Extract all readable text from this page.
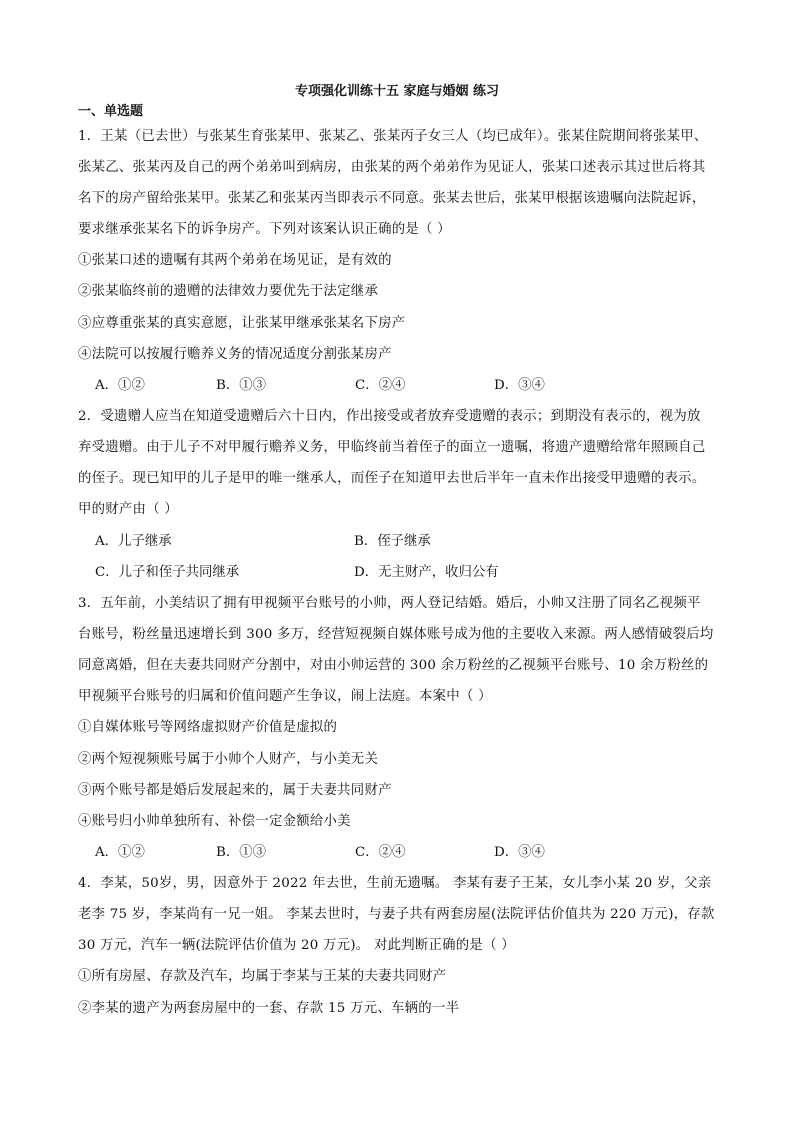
专项强化训练十五 家庭与婚姻 练习
一、单选题
1．王某（已去世）与张某生育张某甲、张某乙、张某丙子女三人（均已成年）。张某住院期间将张某甲、
张某乙、张某丙及自己的两个弟弟叫到病房，由张某的两个弟弟作为见证人，张某口述表示其过世后将其
名下的房产留给张某甲。张某乙和张某丙当即表示不同意。张某去世后，张某甲根据该遗嘱向法院起诉，
要求继承张某名下的诉争房产。下列对该案认识正确的是（ ）
①张某口述的遗嘱有其两个弟弟在场见证，是有效的
②张某临终前的遗赠的法律效力要优先于法定继承
③应尊重张某的真实意愿，让张某甲继承张某名下房产
④法院可以按履行赡养义务的情况适度分割张某房产
A．①②	B．①③	C．②④	D．③④
2．受遗赠人应当在知道受遗赠后六十日内，作出接受或者放弃受遗赠的表示；到期没有表示的，视为放
弃受遗赠。由于儿子不对甲履行赡养义务，甲临终前当着侄子的面立一遗嘱，将遗产遗赠给常年照顾自己
的侄子。现已知甲的儿子是甲的唯一继承人，而侄子在知道甲去世后半年一直未作出接受甲遗赠的表示。
甲的财产由（ ）
A．儿子继承	B．侄子继承
C．儿子和侄子共同继承	D．无主财产，收归公有
3．五年前，小美结识了拥有甲视频平台账号的小帅，两人登记结婚。婚后，小帅又注册了同名乙视频平
台账号，粉丝量迅速增长到 300 多万，经营短视频自媒体账号成为他的主要收入来源。两人感情破裂后均
同意离婚，但在夫妻共同财产分割中，对由小帅运营的 300 余万粉丝的乙视频平台账号、10 余万粉丝的
甲视频平台账号的归属和价值问题产生争议，闹上法庭。本案中（ ）
①自媒体账号等网络虚拟财产价值是虚拟的
②两个短视频账号属于小帅个人财产，与小美无关
③两个账号都是婚后发展起来的，属于夫妻共同财产
④账号归小帅单独所有、补偿一定金额给小美
A．①②	B．①③	C．②④	D．③④
4．李某，50岁，男，因意外于 2022 年去世，生前无遗嘱。 李某有妻子王某，女儿李小某 20 岁，父亲
老李 75 岁，李某尚有一兄一姐。 李某去世时，与妻子共有两套房屋(法院评估价值共为 220 万元)，存款
30 万元，汽车一辆(法院评估价值为 20 万元)。 对此判断正确的是（ ）
①所有房屋、存款及汽车，均属于李某与王某的夫妻共同财产
②李某的遗产为两套房屋中的一套、存款 15 万元、车辆的一半
